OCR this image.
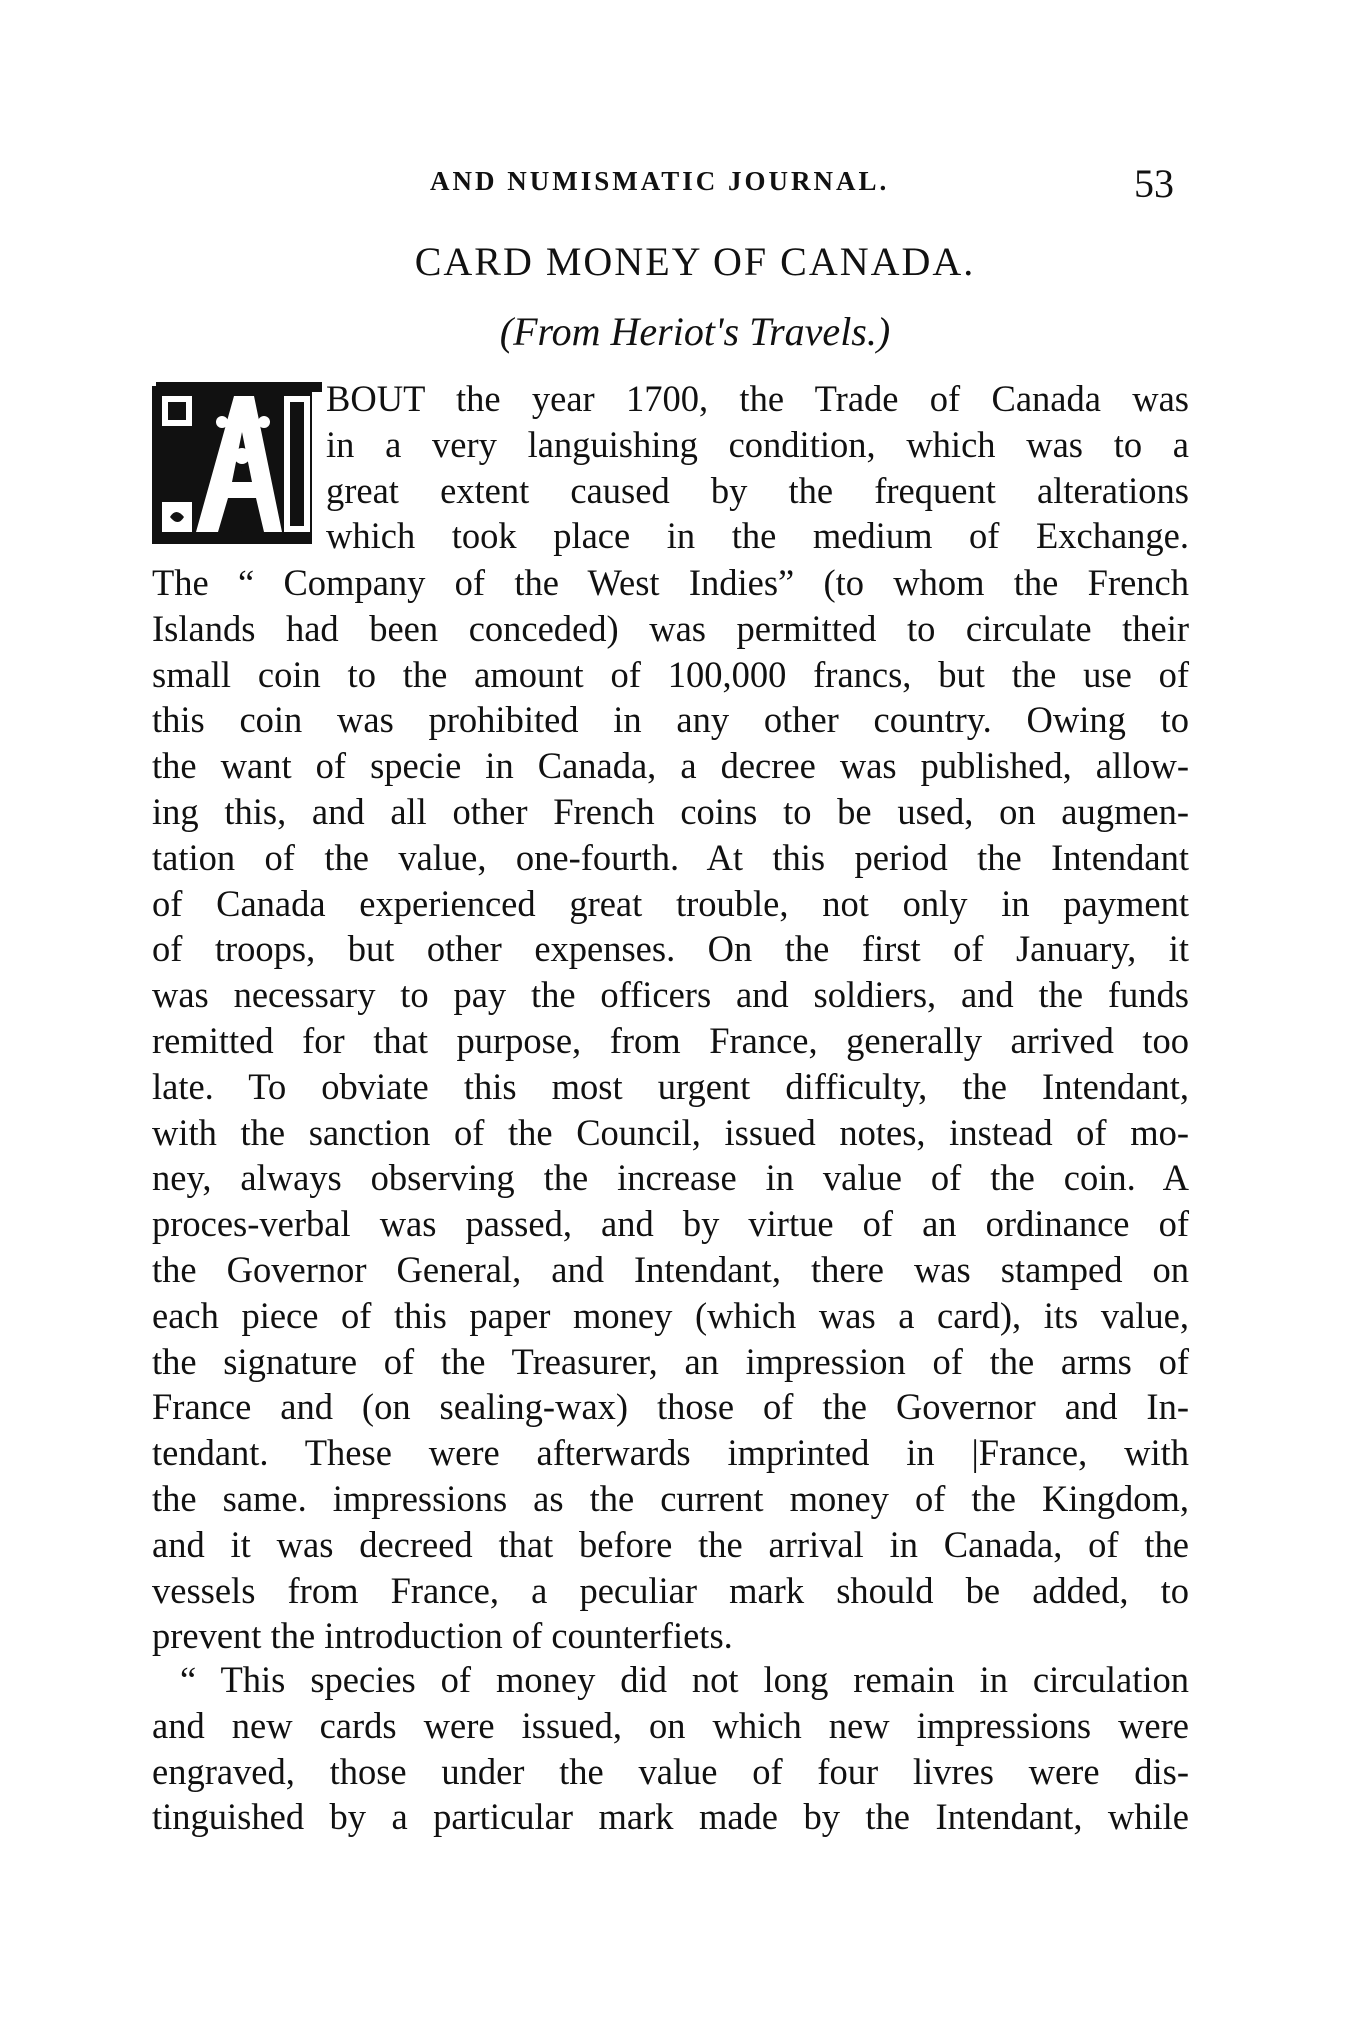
AND NUMISMATIC JOURNAL.	53
CARD MONEY OF CANADA.
(From Heriot's Travels.)
A
BOUT the year 1700, the Trade of Canada was
in a very languishing condition, which was to a
great extent caused by the frequent alterations
which took place in the medium of Exchange.
The “ Company of the West Indies” (to whom the French
Islands had been conceded) was permitted to circulate their
small coin to the amount of 100,000 francs, but the use of
this coin was prohibited in any other country. Owing to
the want of specie in Canada, a decree was published, allow-
ing this, and all other French coins to be used, on augmen-
tation of the value, one-fourth. At this period the Intendant
of Canada experienced great trouble, not only in payment
of troops, but other expenses. On the first of January, it
was necessary to pay the officers and soldiers, and the funds
remitted for that purpose, from France, generally arrived too
late. To obviate this most urgent difficulty, the Intendant,
with the sanction of the Council, issued notes, instead of mo-
ney, always observing the increase in value of the coin. A
proces-verbal was passed, and by virtue of an ordinance of
the Governor General, and Intendant, there was stamped on
each piece of this paper money (which was a card), its value,
the signature of the Treasurer, an impression of the arms of
France and (on sealing-wax) those of the Governor and In-
tendant. These were afterwards imprinted in |France, with
the same. impressions as the current money of the Kingdom,
and it was decreed that before the arrival in Canada, of the
vessels from France, a peculiar mark should be added, to
prevent the introduction of counterfiets.
“ This species of money did not long remain in circulation
and new cards were issued, on which new impressions were
engraved, those under the value of four livres were dis-
tinguished by a particular mark made by the Intendant, while
